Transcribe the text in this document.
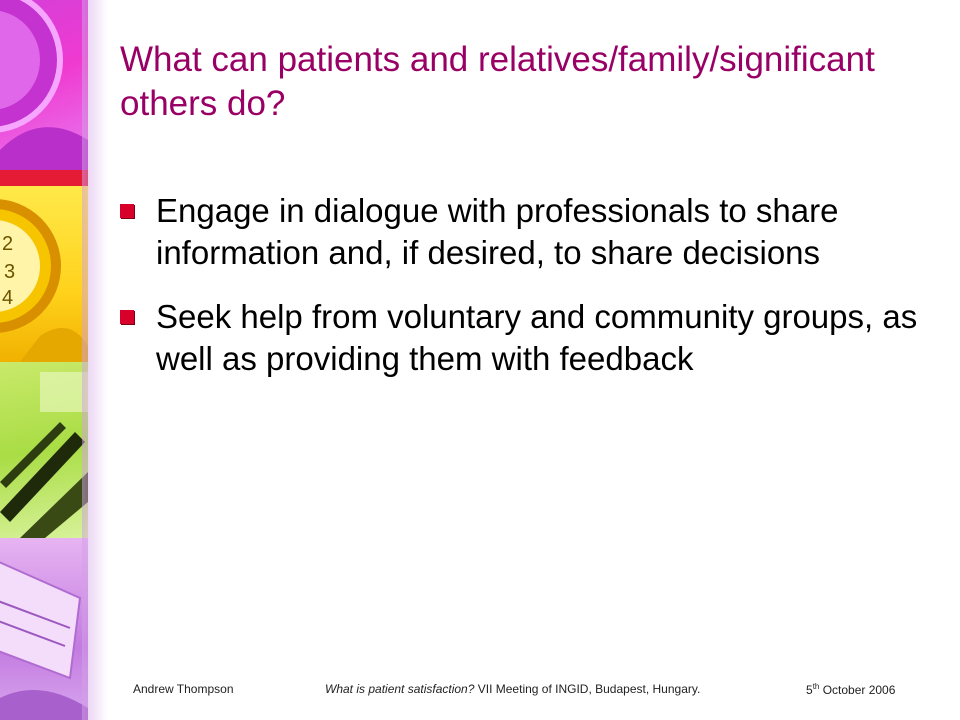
2
3
4
What can patients and relatives/family/significant others do?
Engage in dialogue with professionals to share information and, if desired, to share decisions
Seek help from voluntary and community groups, as well as providing them with feedback
Andrew Thompson	What is patient satisfaction? VII Meeting of INGID, Budapest, Hungary.	5th October 2006
